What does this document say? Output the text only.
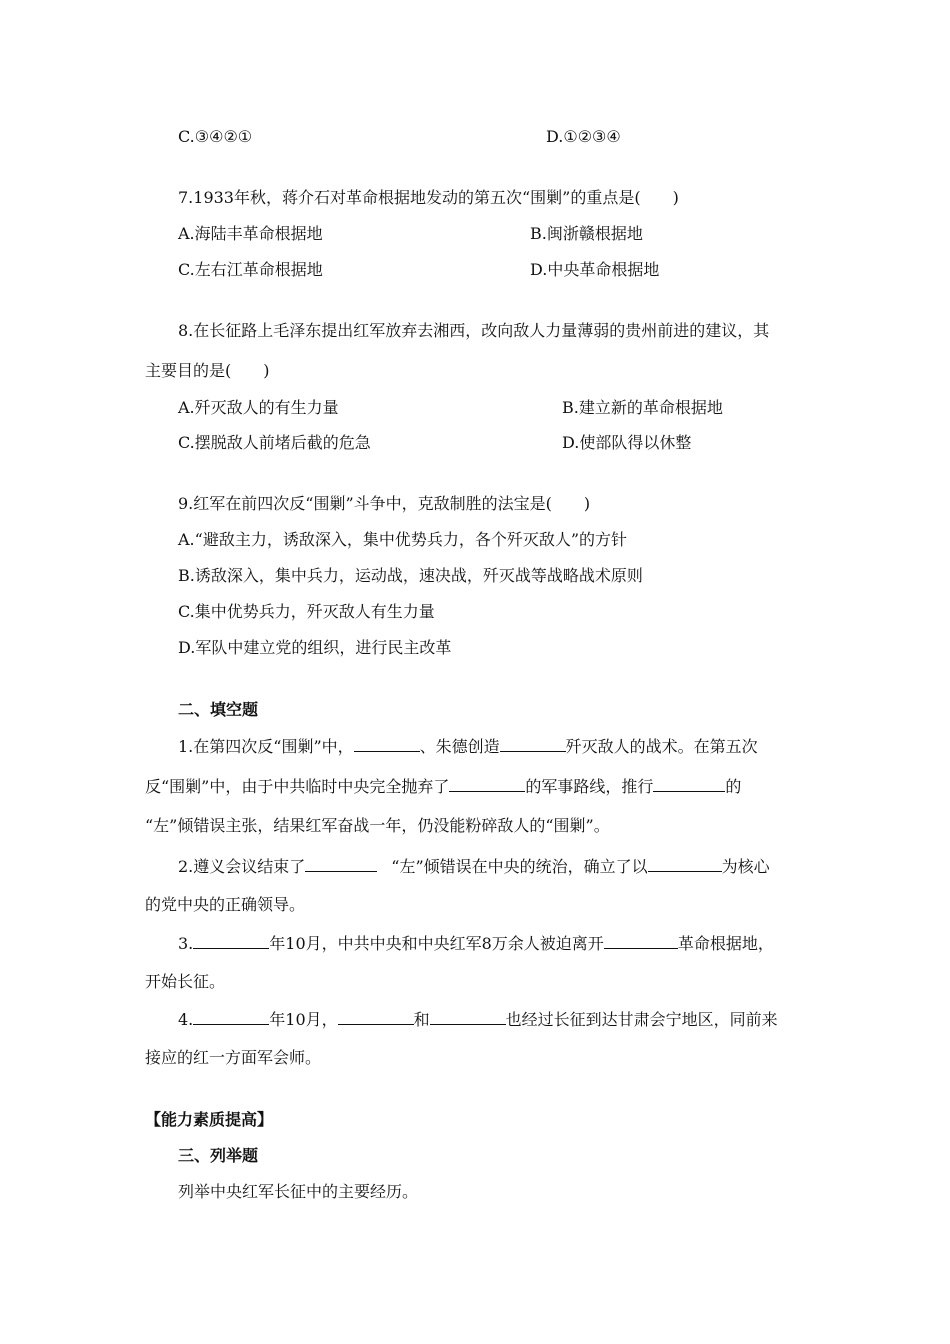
C.③④②①	D.①②③④
7.1933年秋，蒋介石对革命根据地发动的第五次“围剿”的重点是(　　)
A.海陆丰革命根据地	B.闽浙赣根据地
C.左右江革命根据地	D.中央革命根据地
8.在长征路上毛泽东提出红军放弃去湘西，改向敌人力量薄弱的贵州前进的建议，其
主要目的是(　　)
A.歼灭敌人的有生力量	B.建立新的革命根据地
C.摆脱敌人前堵后截的危急	D.使部队得以休整
9.红军在前四次反“围剿”斗争中，克敌制胜的法宝是(　　)
A.“避敌主力，诱敌深入，集中优势兵力，各个歼灭敌人”的方针
B.诱敌深入，集中兵力，运动战，速决战，歼灭战等战略战术原则
C.集中优势兵力，歼灭敌人有生力量
D.军队中建立党的组织，进行民主改革
二、填空题
1.在第四次反“围剿”中，	、朱德创造	歼灭敌人的战术。在第五次
反“围剿”中，由于中共临时中央完全抛弃了	的军事路线，推行	的
“左”倾错误主张，结果红军奋战一年，仍没能粉碎敌人的“围剿”。
2.遵义会议结束了	“左”倾错误在中央的统治，确立了以	为核心
的党中央的正确领导。
3.	年10月，中共中央和中央红军8万余人被迫离开	革命根据地，
开始长征。
4.	年10月，	和	也经过长征到达甘肃会宁地区，同前来
接应的红一方面军会师。
【能力素质提高】
三、列举题
列举中央红军长征中的主要经历。
